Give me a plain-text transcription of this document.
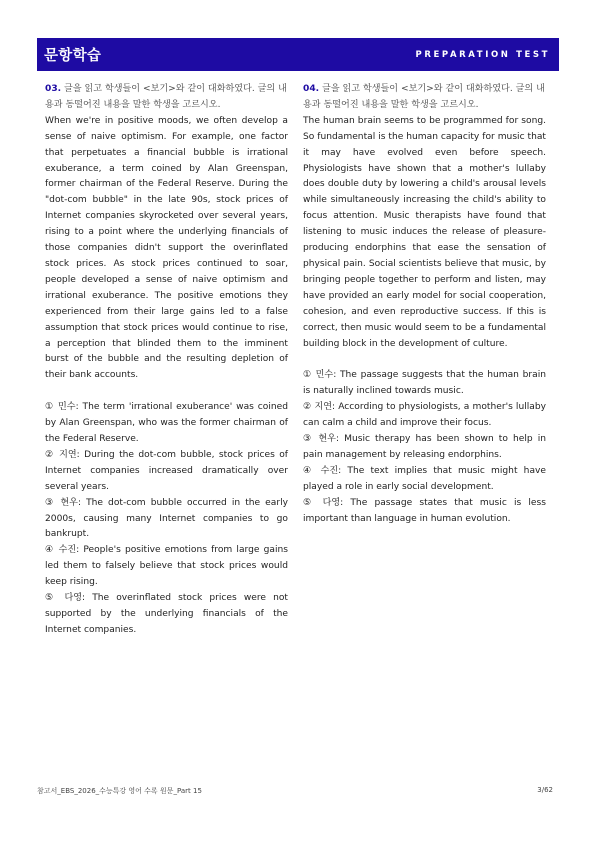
문항학습	PREPARATION TEST
03. 글을 읽고 학생들이 <보기>와 같이 대화하였다. 글의 내용과 동떨어진 내용을 말한 학생을 고르시오.
When we're in positive moods, we often develop a sense of naive optimism. For example, one factor that perpetuates a financial bubble is irrational exuberance, a term coined by Alan Greenspan, former chairman of the Federal Reserve. During the "dot-com bubble" in the late 90s, stock prices of Internet companies skyrocketed over several years, rising to a point where the underlying financials of those companies didn't support the overinflated stock prices. As stock prices continued to soar, people developed a sense of naive optimism and irrational exuberance. The positive emotions they experienced from their large gains led to a false assumption that stock prices would continue to rise, a perception that blinded them to the imminent burst of the bubble and the resulting depletion of their bank accounts.
① 민수: The term 'irrational exuberance' was coined by Alan Greenspan, who was the former chairman of the Federal Reserve.
② 지연: During the dot-com bubble, stock prices of Internet companies increased dramatically over several years.
③ 현우: The dot-com bubble occurred in the early 2000s, causing many Internet companies to go bankrupt.
④ 수진: People's positive emotions from large gains led them to falsely believe that stock prices would keep rising.
⑤ 다영: The overinflated stock prices were not supported by the underlying financials of the Internet companies.
04. 글을 읽고 학생들이 <보기>와 같이 대화하였다. 글의 내용과 동떨어진 내용을 말한 학생을 고르시오.
The human brain seems to be programmed for song. So fundamental is the human capacity for music that it may have evolved even before speech. Physiologists have shown that a mother's lullaby does double duty by lowering a child's arousal levels while simultaneously increasing the child's ability to focus attention. Music therapists have found that listening to music induces the release of pleasure-producing endorphins that ease the sensation of physical pain. Social scientists believe that music, by bringing people together to perform and listen, may have provided an early model for social cooperation, cohesion, and even reproductive success. If this is correct, then music would seem to be a fundamental building block in the development of culture.
① 민수: The passage suggests that the human brain is naturally inclined towards music.
② 지연: According to physiologists, a mother's lullaby can calm a child and improve their focus.
③ 현우: Music therapy has been shown to help in pain management by releasing endorphins.
④ 수진: The text implies that music might have played a role in early social development.
⑤ 다영: The passage states that music is less important than language in human evolution.
참고서_EBS_2026_수능특강 영어 수록 원문_Part 15	3/62
